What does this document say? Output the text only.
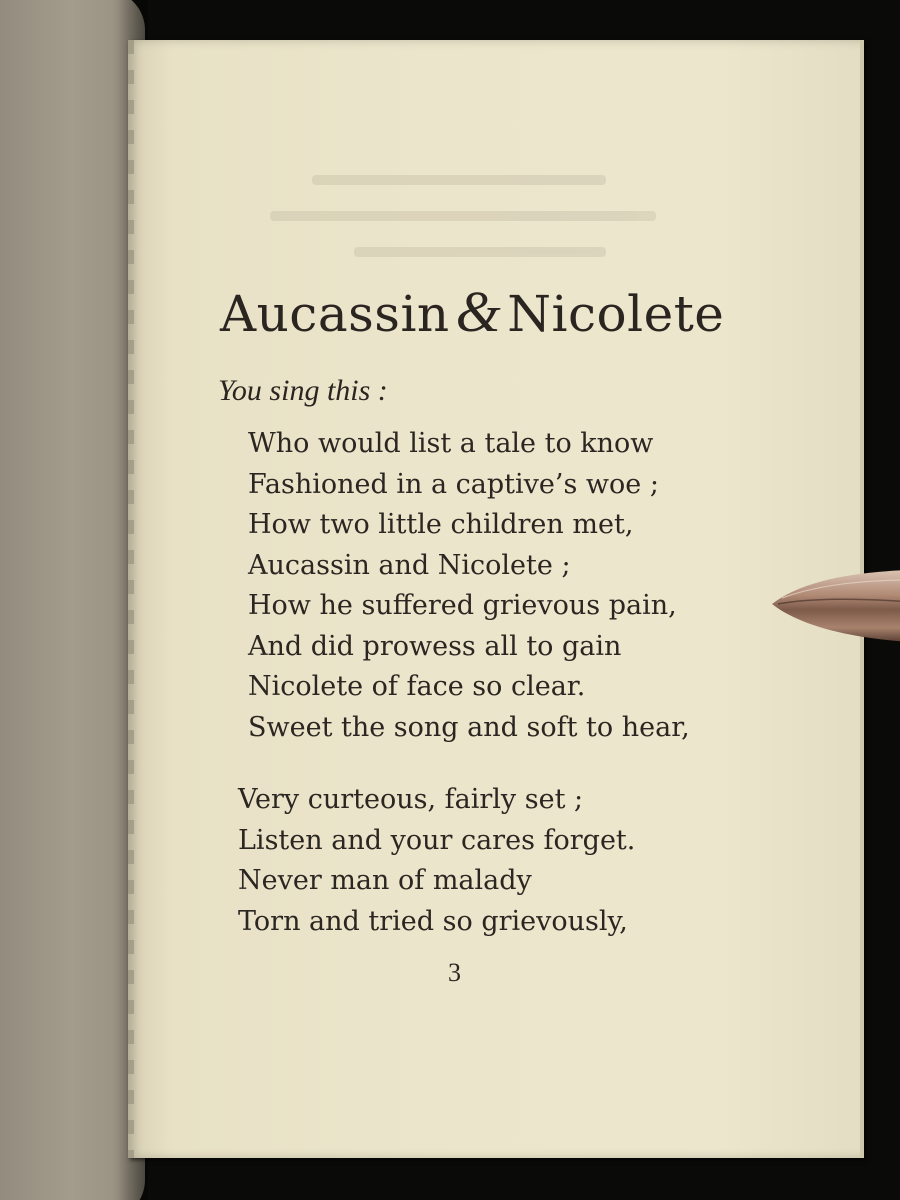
Aucassin & Nicolete

You sing this :

Who would list a tale to know
Fashioned in a captive’s woe ;
How two little children met,
Aucassin and Nicolete ;
How he suffered grievous pain,
And did prowess all to gain
Nicolete of face so clear.
Sweet the song and soft to hear,
Very curteous, fairly set ;
Listen and your cares forget.
Never man of malady
Torn and tried so grievously,

3
